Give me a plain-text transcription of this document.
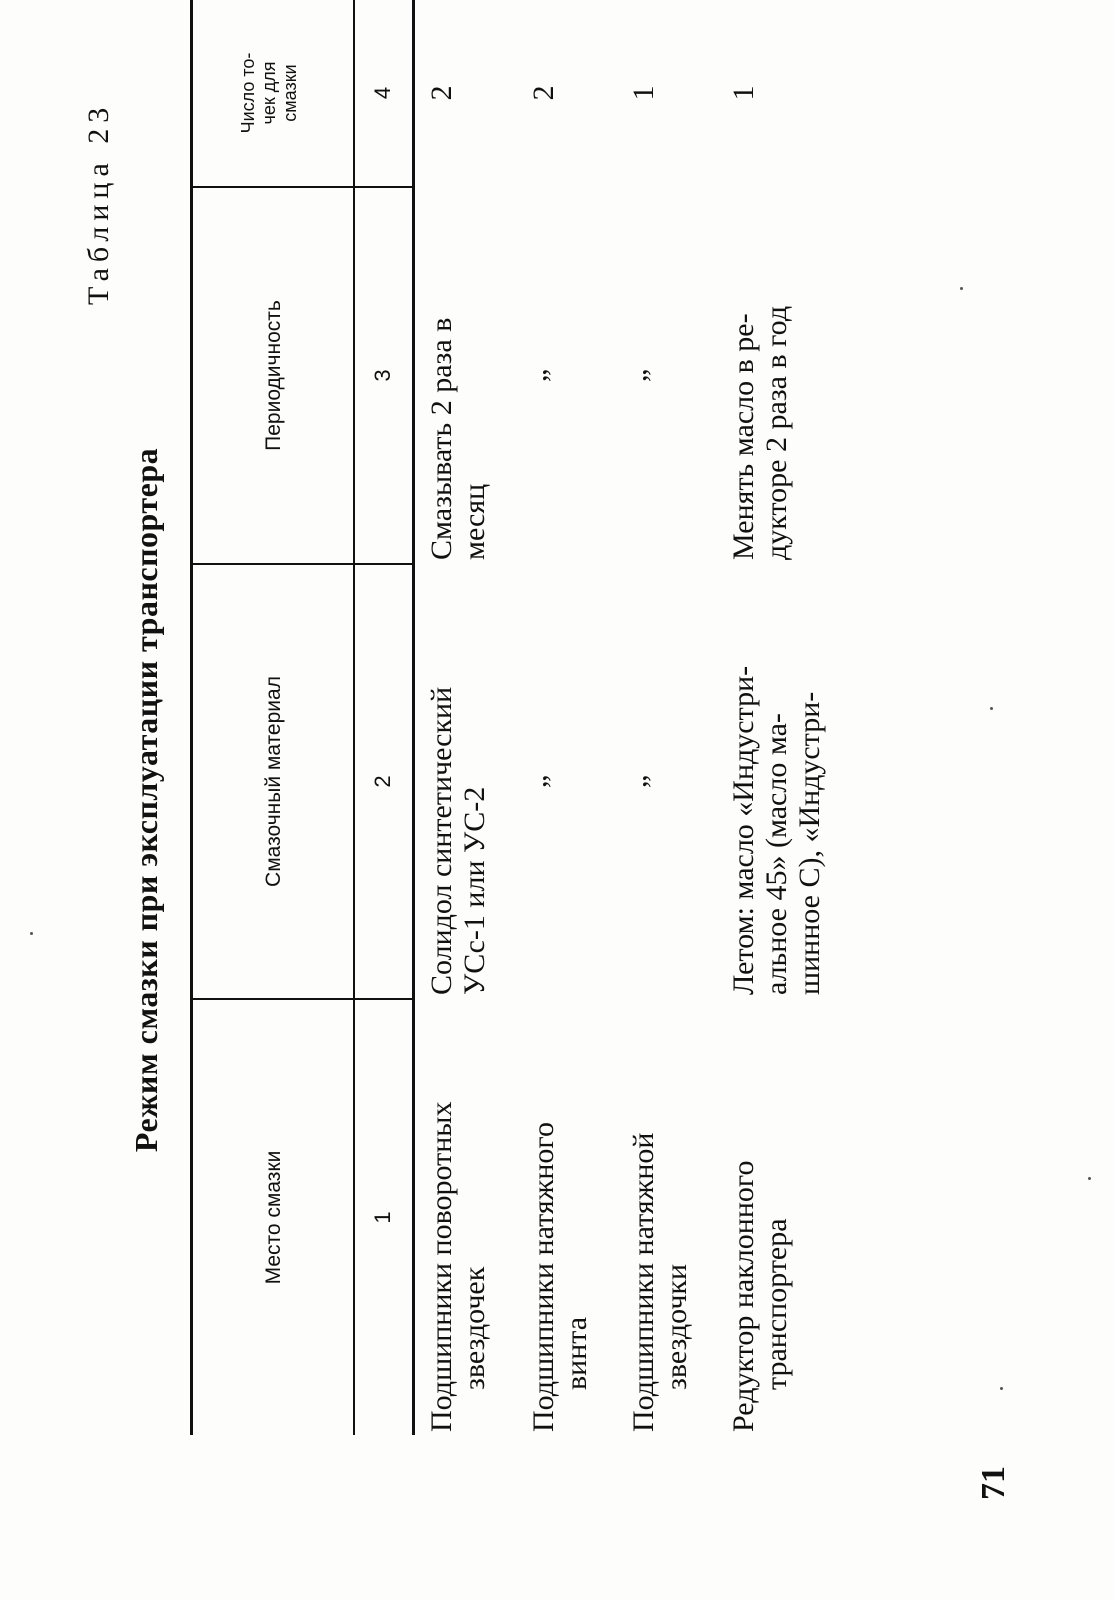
Таблица 23
Режим смазки при эксплуатации транспортера
Место смазки
Смазочный материал
Периодичность
Число то- чек для смазки
1
2
3
4
Подшипники поворотных звездочек
Солидол синтетический УСс-1 или УС-2
Смазывать 2 раза в месяц
2
Подшипники натяжного винта
„
„
2
Подшипники натяжной звездочки
„
„
1
Редуктор наклонного транспортера
Летом: масло «Индустри- альное 45» (масло ма- шинное С), «Индустри-
Менять масло в ре- дукторе 2 раза в год
1
71
